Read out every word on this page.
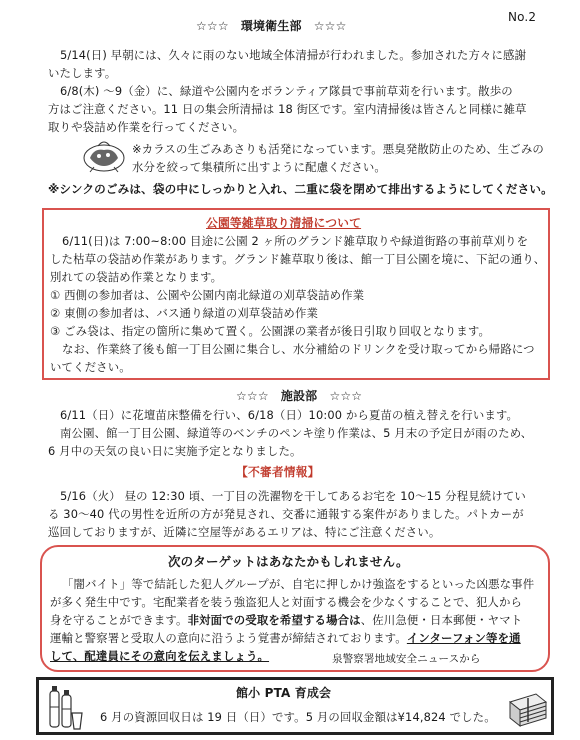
No.2
☆☆☆　環境衛生部　☆☆☆
5/14(日) 早朝には、久々に雨のない地域全体清掃が行われました。参加された方々に感謝
いたします。
6/8(木) ～9（金）に、緑道や公園内をボランティア隊員で事前草苅を行います。散歩の
方はご注意ください。11 日の集会所清掃は 18 街区です。室内清掃後は皆さんと同様に雑草
取りや袋詰め作業を行ってください。
※カラスの生ごみあさりも活発になっています。悪臭発散防止のため、生ごみの
水分を絞って集積所に出すように配慮ください。
※シンクのごみは、袋の中にしっかりと入れ、二重に袋を閉めて排出するようにしてください。
公園等雑草取り清掃について
6/11(日)は 7:00~8:00 目途に公園 2 ヶ所のグランド雑草取りや緑道街路の事前草刈りを
した枯草の袋詰め作業があります。グランド雑草取り後は、館一丁目公園を境に、下記の通り、
別れての袋詰め作業となります。
① 西側の参加者は、公園や公園内南北緑道の刈草袋詰め作業
② 東側の参加者は、バス通り緑道の刈草袋詰め作業
③ ごみ袋は、指定の箇所に集めて置く。公園課の業者が後日引取り回収となります。
なお、作業終了後も館一丁目公園に集合し、水分補給のドリンクを受け取ってから帰路につ
いてください。
☆☆☆　施設部　☆☆☆
6/11（日）に花壇苗床整備を行い、6/18（日）10:00 から夏苗の植え替えを行います。
南公園、館一丁目公園、緑道等のベンチのペンキ塗り作業は、5 月末の予定日が雨のため、
6 月中の天気の良い日に実施予定となりました。
【不審者情報】
5/16（火） 昼の 12:30 頃、一丁目の洗濯物を干してあるお宅を 10～15 分程見続けてい
る 30～40 代の男性を近所の方が発見され、交番に通報する案件がありました。パトカーが
巡回しておりますが、近隣に空屋等があるエリアは、特にご注意ください。
次のターゲットはあなたかもしれません。
「闇バイト」等で結託した犯人グループが、自宅に押しかけ強盗をするといった凶悪な事件
が多く発生中です。宅配業者を装う強盗犯人と対面する機会を少なくすることで、犯人から
身を守ることができます。非対面での受取を希望する場合は、佐川急便・日本郵便・ヤマト
運輸と警察署と受取人の意向に沿うよう覚書が締結されております。インターフォン等を通
して、配達員にその意向を伝えましょう。	泉警察署地域安全ニュースから
館小 PTA 育成会
6 月の資源回収日は 19 日（日）です。5 月の回収金額は¥14,824 でした。
